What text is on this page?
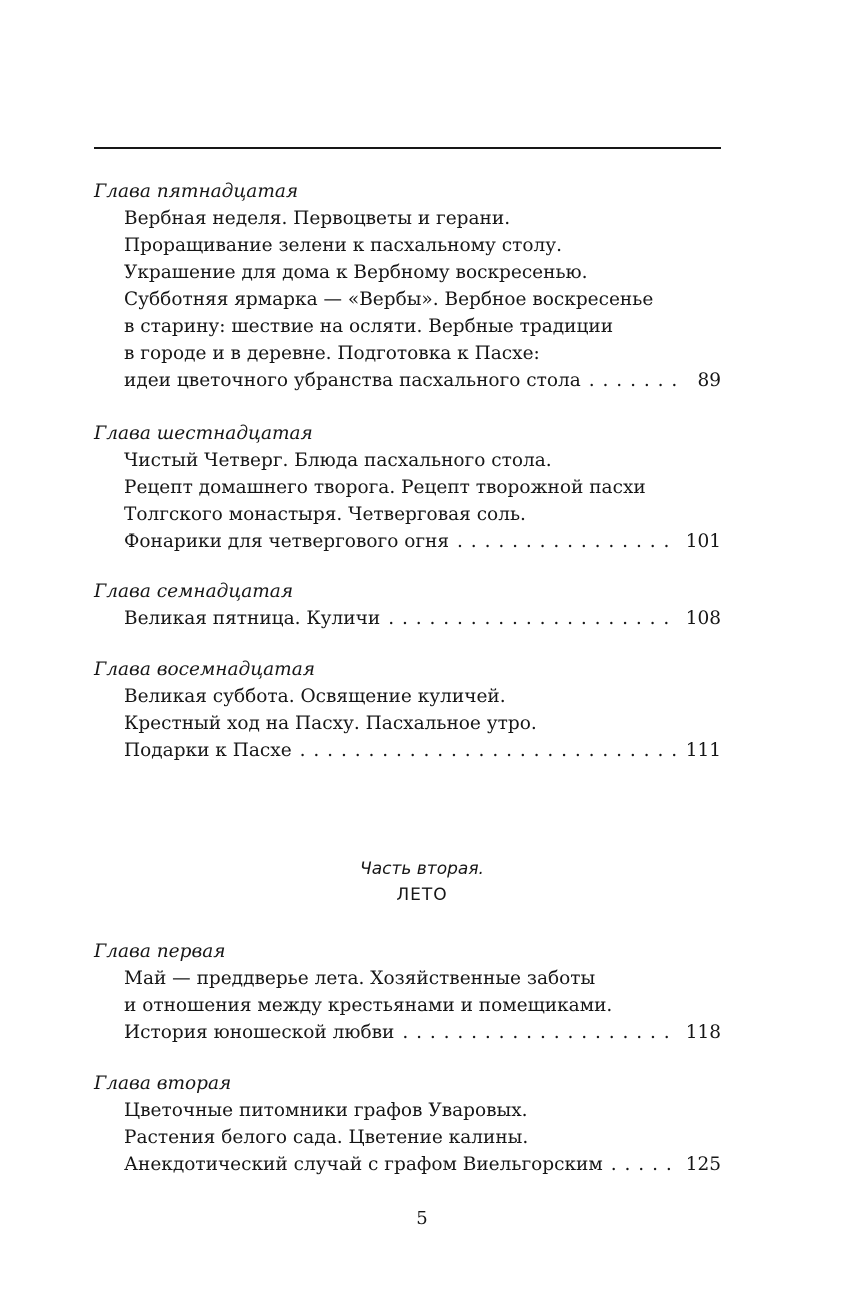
Глава пятнадцатая

Вербная неделя. Первоцветы и герани.
Проращивание зелени к пасхальному столу.
Украшение для дома к Вербному воскресенью.
Субботняя ярмарка — «Вербы». Вербное воскресенье
в старину: шествие на осляти. Вербные традиции
в городе и в деревне. Подготовка к Пасхе:
идеи цветочного убранства пасхального стола . . .	89

Глава шестнадцатая

Чистый Четверг. Блюда пасхального стола.
Рецепт домашнего творога. Рецепт творожной пасхи
Толгского монастыря. Четверговая соль.
Фонарики для четвергового огня . . .	101

Глава семнадцатая

Великая пятница. Куличи . . .	108

Глава восемнадцатая

Великая суббота. Освящение куличей.
Крестный ход на Пасху. Пасхальное утро.
Подарки к Пасхе . . .	111
Часть вторая.
ЛЕТО

Глава первая

Май — преддверье лета. Хозяйственные заботы
и отношения между крестьянами и помещиками.
История юношеской любви . . .	118

Глава вторая

Цветочные питомники графов Уваровых.
Растения белого сада. Цветение калины.
Анекдотический случай с графом Виельгорским . . .	125
5
